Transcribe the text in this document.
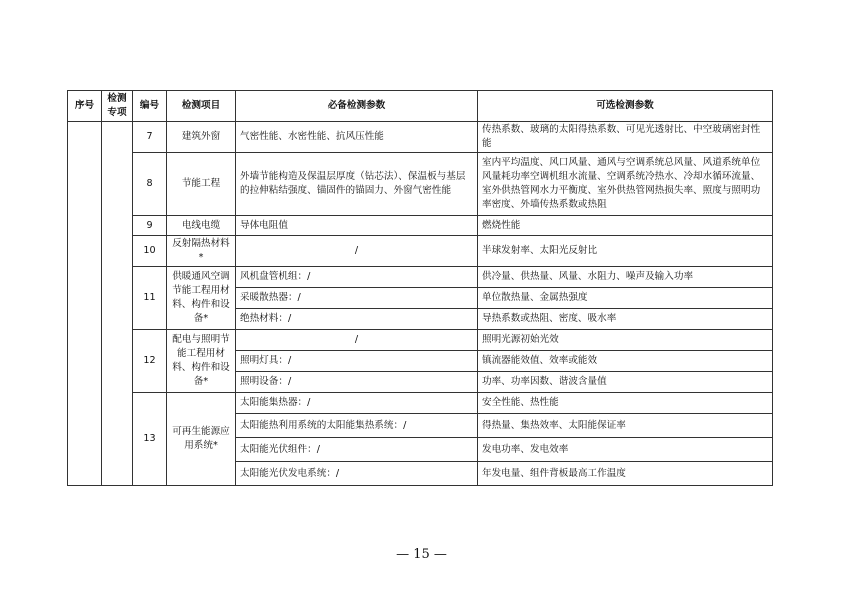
序号	检测专项	编号	检测项目	必备检测参数	可选检测参数
		7	建筑外窗	气密性能、水密性能、抗风压性能	传热系数、玻璃的太阳得热系数、可见光透射比、中空玻璃密封性能
		8	节能工程	外墙节能构造及保温层厚度（钻芯法）、保温板与基层的拉伸粘结强度、锚固件的锚固力、外窗气密性能	室内平均温度、风口风量、通风与空调系统总风量、风道系统单位风量耗功率空调机组水流量、空调系统冷热水、冷却水循环流量、室外供热管网水力平衡度、室外供热管网热损失率、照度与照明功率密度、外墙传热系数或热阻
		9	电线电缆	导体电阻值	燃烧性能
		10	反射隔热材料*	/	半球发射率、太阳光反射比
		11	供暖通风空调节能工程用材料、构件和设备*	风机盘管机组：/	供冷量、供热量、风量、水阻力、噪声及输入功率
				采暖散热器：/	单位散热量、金属热强度
				绝热材料：/	导热系数或热阻、密度、吸水率
		12	配电与照明节能工程用材料、构件和设备*	/	照明光源初始光效
				照明灯具：/	镇流器能效值、效率或能效
				照明设备：/	功率、功率因数、谐波含量值
		13	可再生能源应用系统*	太阳能集热器：/	安全性能、热性能
				太阳能热利用系统的太阳能集热系统：/	得热量、集热效率、太阳能保证率
				太阳能光伏组件：/	发电功率、发电效率
				太阳能光伏发电系统：/	年发电量、组件背板最高工作温度
— 15 —
